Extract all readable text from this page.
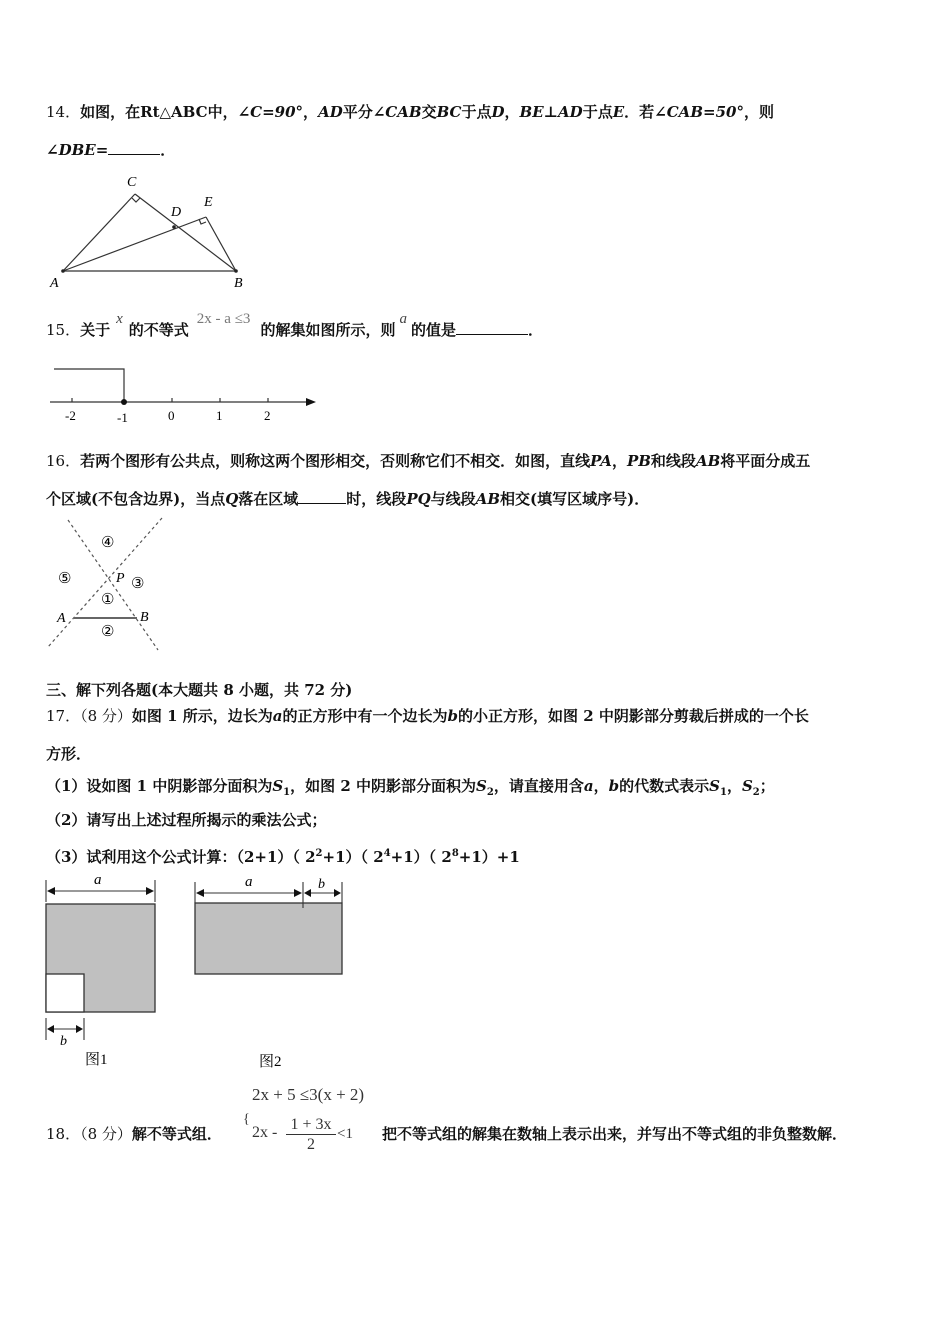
14．如图，在Rt△ABC中，∠C=90°，AD平分∠CAB交BC于点D，BE⊥AD于点E．若∠CAB=50°，则
∠DBE=	．
A	B
C
D
E
15．关于x的不等式2x - a ≤3的解集如图所示，则a的值是	．
-2	-1	0	1	2
16．若两个图形有公共点，则称这两个图形相交，否则称它们不相交．如图，直线PA，PB和线段AB将平面分成五
个区域(不包含边界)，当点Q落在区域	时，线段PQ与线段AB相交(填写区域序号)．
A	B
P
①
②
③
④
⑤
三、解下列各题(本大题共 8 小题，共 72 分)
17．（8 分）如图 1 所示，边长为a的正方形中有一个边长为b的小正方形，如图 2 中阴影部分剪裁后拼成的一个长
方形．
（1）设如图 1 中阴影部分面积为$S_1$，如图 2 中阴影部分面积为$S_2$，请直接用含a，b的代数式表示$S_1$，$S_2$；
（2）请写出上述过程所揭示的乘法公式；
（3）试利用这个公式计算：（2+1）（ $2^2+1$）（ $2^4+1$）（ $2^8+1)+1$
a
b
图1
a	b
图2
2x + 5 ≤3(x + 2)
18．（8 分）解不等式组．
{
$2x - \frac{1 + 3x}{2} <1$ 把不等式组的解集在数轴上表示出来，并写出不等式组的非负整数解．
